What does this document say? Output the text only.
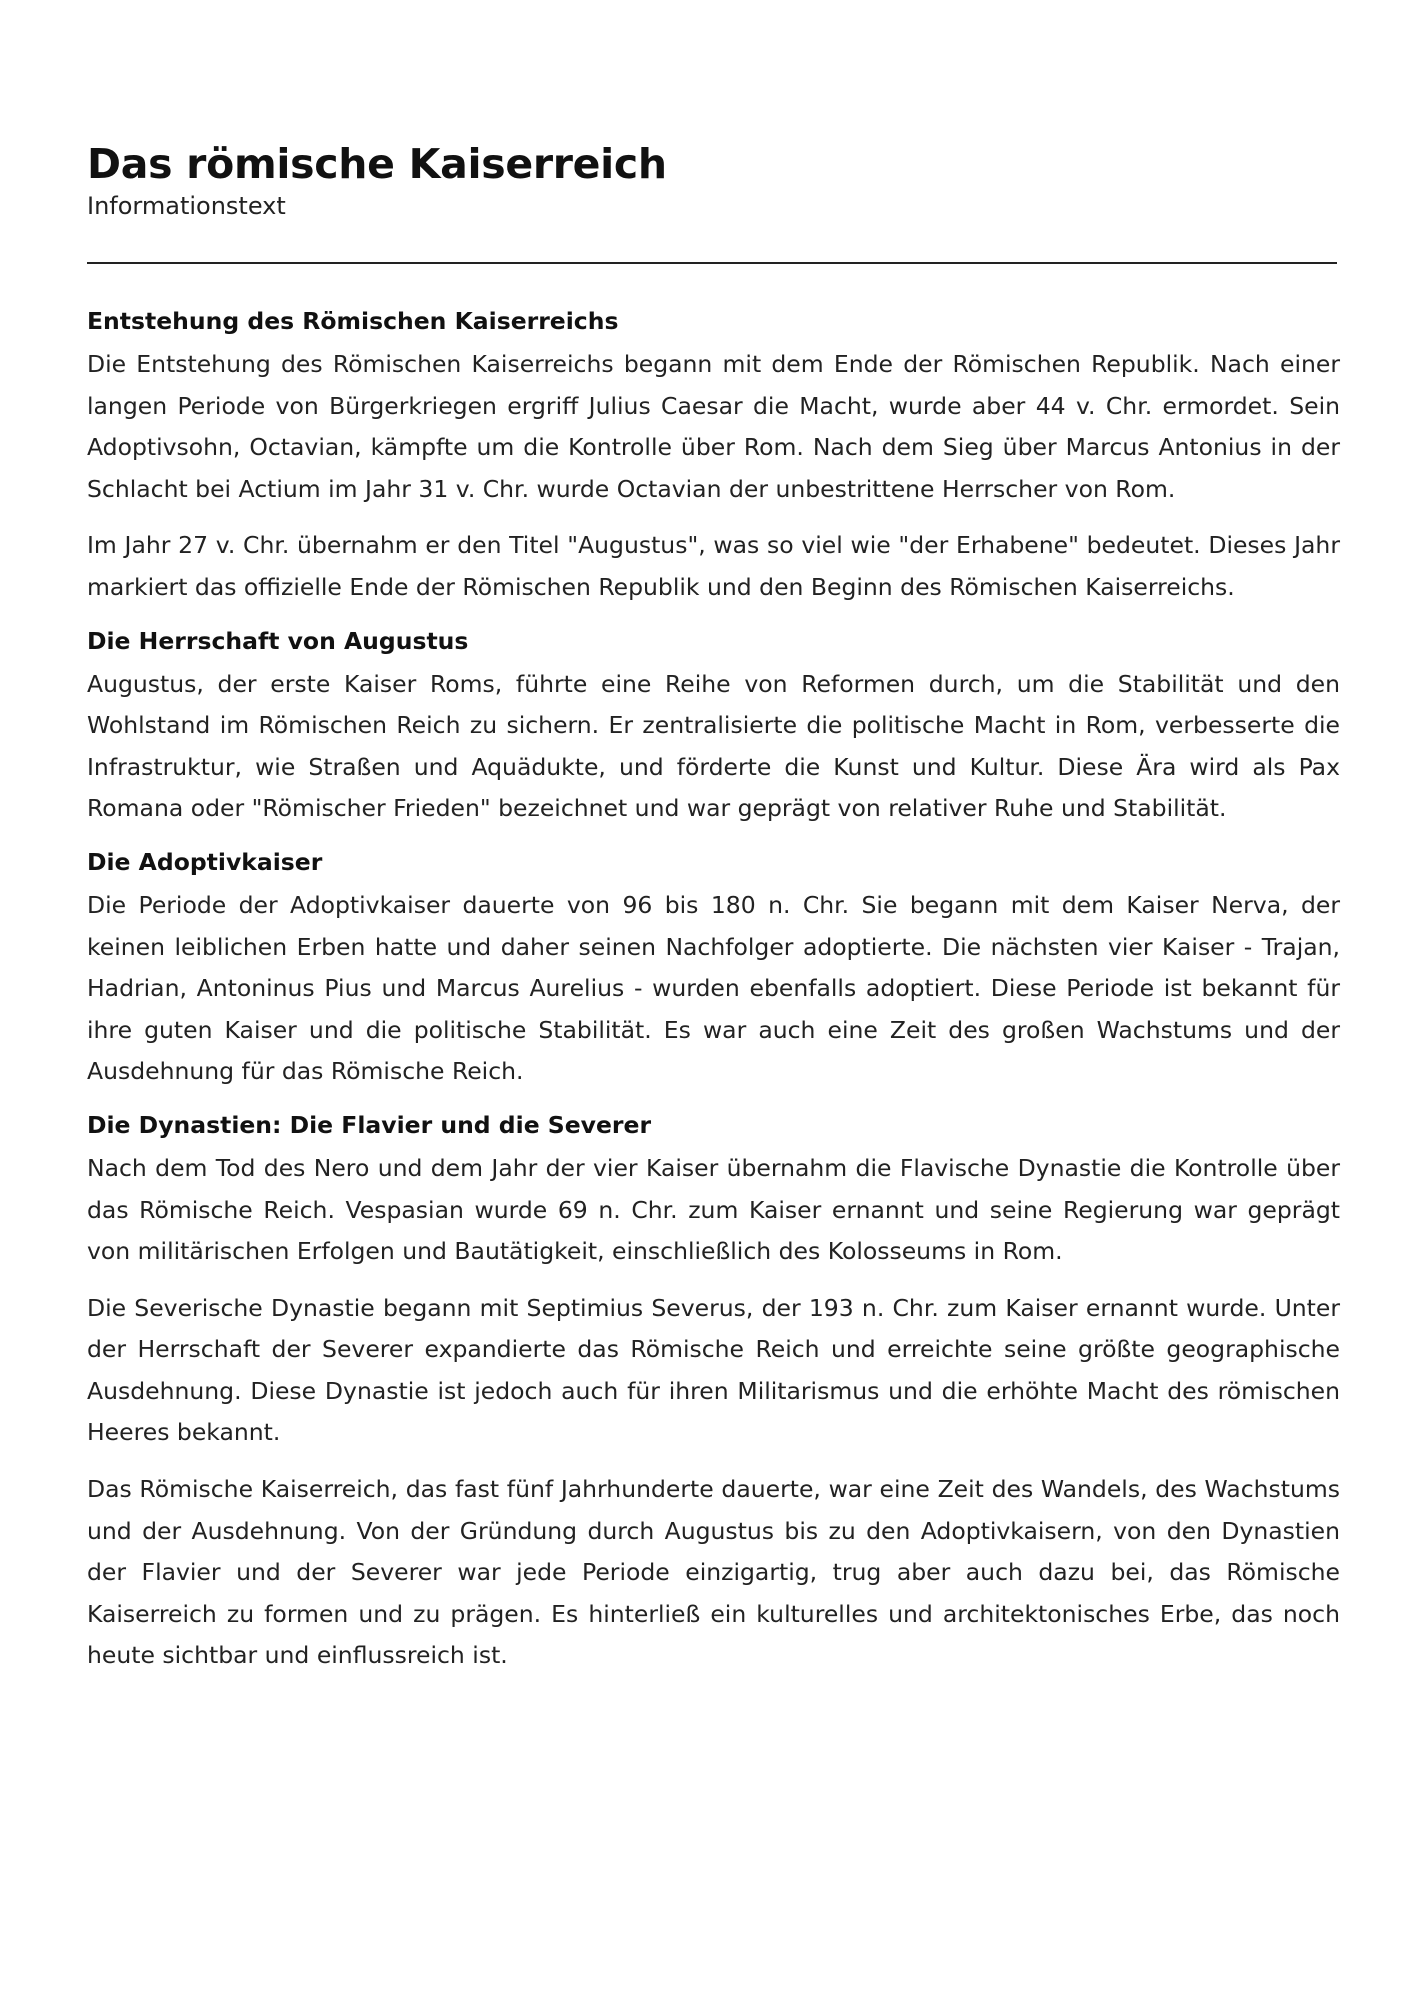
Das römische Kaiserreich

Informationstext

Entstehung des Römischen Kaiserreichs

Die Entstehung des Römischen Kaiserreichs begann mit dem Ende der Römischen Republik. Nach einer langen Periode von Bürgerkriegen ergriff Julius Caesar die Macht, wurde aber 44 v. Chr. ermordet. Sein Adoptivsohn, Octavian, kämpfte um die Kontrolle über Rom. Nach dem Sieg über Marcus Antonius in der Schlacht bei Actium im Jahr 31 v. Chr. wurde Octavian der unbestrittene Herrscher von Rom.

Im Jahr 27 v. Chr. übernahm er den Titel "Augustus", was so viel wie "der Erhabene" bedeutet. Dieses Jahr markiert das offizielle Ende der Römischen Republik und den Beginn des Römischen Kaiserreichs.

Die Herrschaft von Augustus

Augustus, der erste Kaiser Roms, führte eine Reihe von Reformen durch, um die Stabilität und den Wohlstand im Römischen Reich zu sichern. Er zentralisierte die politische Macht in Rom, verbesserte die Infrastruktur, wie Straßen und Aquädukte, und förderte die Kunst und Kultur. Diese Ära wird als Pax Romana oder "Römischer Frieden" bezeichnet und war geprägt von relativer Ruhe und Stabilität.

Die Adoptivkaiser

Die Periode der Adoptivkaiser dauerte von 96 bis 180 n. Chr. Sie begann mit dem Kaiser Nerva, der keinen leiblichen Erben hatte und daher seinen Nachfolger adoptierte. Die nächsten vier Kaiser - Trajan, Hadrian, Antoninus Pius und Marcus Aurelius - wurden ebenfalls adoptiert. Diese Periode ist bekannt für ihre guten Kaiser und die politische Stabilität. Es war auch eine Zeit des großen Wachstums und der Ausdehnung für das Römische Reich.

Die Dynastien: Die Flavier und die Severer

Nach dem Tod des Nero und dem Jahr der vier Kaiser übernahm die Flavische Dynastie die Kontrolle über das Römische Reich. Vespasian wurde 69 n. Chr. zum Kaiser ernannt und seine Regierung war geprägt von militärischen Erfolgen und Bautätigkeit, einschließlich des Kolosseums in Rom.

Die Severische Dynastie begann mit Septimius Severus, der 193 n. Chr. zum Kaiser ernannt wurde. Unter der Herrschaft der Severer expandierte das Römische Reich und erreichte seine größte geographische Ausdehnung. Diese Dynastie ist jedoch auch für ihren Militarismus und die erhöhte Macht des römischen Heeres bekannt.

Das Römische Kaiserreich, das fast fünf Jahrhunderte dauerte, war eine Zeit des Wandels, des Wachstums und der Ausdehnung. Von der Gründung durch Augustus bis zu den Adoptivkaisern, von den Dynastien der Flavier und der Severer war jede Periode einzigartig, trug aber auch dazu bei, das Römische Kaiserreich zu formen und zu prägen. Es hinterließ ein kulturelles und architektonisches Erbe, das noch heute sichtbar und einflussreich ist.
